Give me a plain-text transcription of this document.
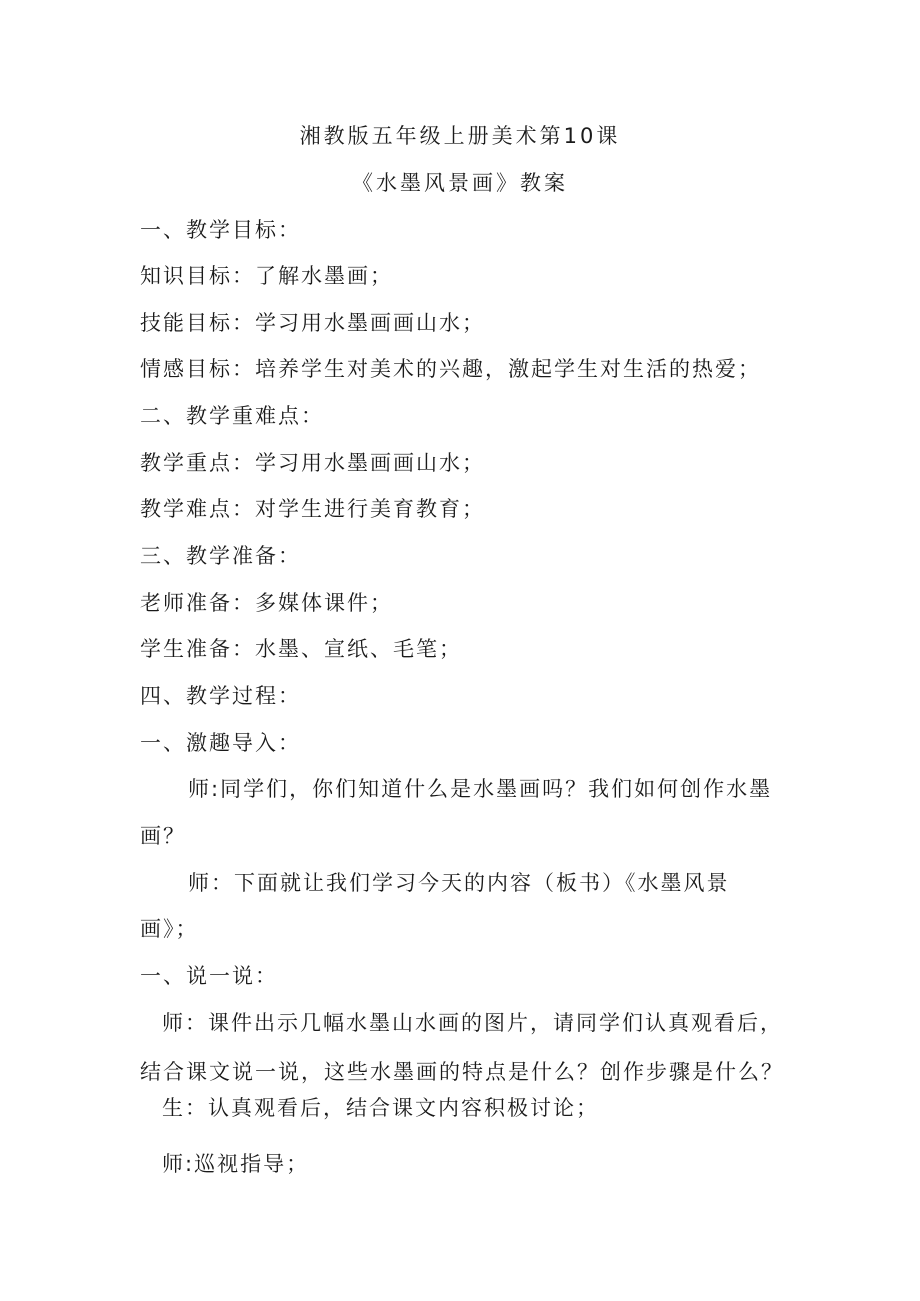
湘教版五年级上册美术第10课
《水墨风景画》教案
一、教学目标：
知识目标：了解水墨画；
技能目标：学习用水墨画画山水；
情感目标：培养学生对美术的兴趣，激起学生对生活的热爱；
二、教学重难点：
教学重点：学习用水墨画画山水；
教学难点：对学生进行美育教育；
三、教学准备：
老师准备：多媒体课件；
学生准备：水墨、宣纸、毛笔；
四、教学过程：
一、激趣导入：
师:同学们，你们知道什么是水墨画吗？我们如何创作水墨
画？
师：下面就让我们学习今天的内容（板书）《水墨风景
画》；
一、说一说：
师：课件出示几幅水墨山水画的图片，请同学们认真观看后，
结合课文说一说，这些水墨画的特点是什么？创作步骤是什么？
生：认真观看后，结合课文内容积极讨论；
师:巡视指导；
